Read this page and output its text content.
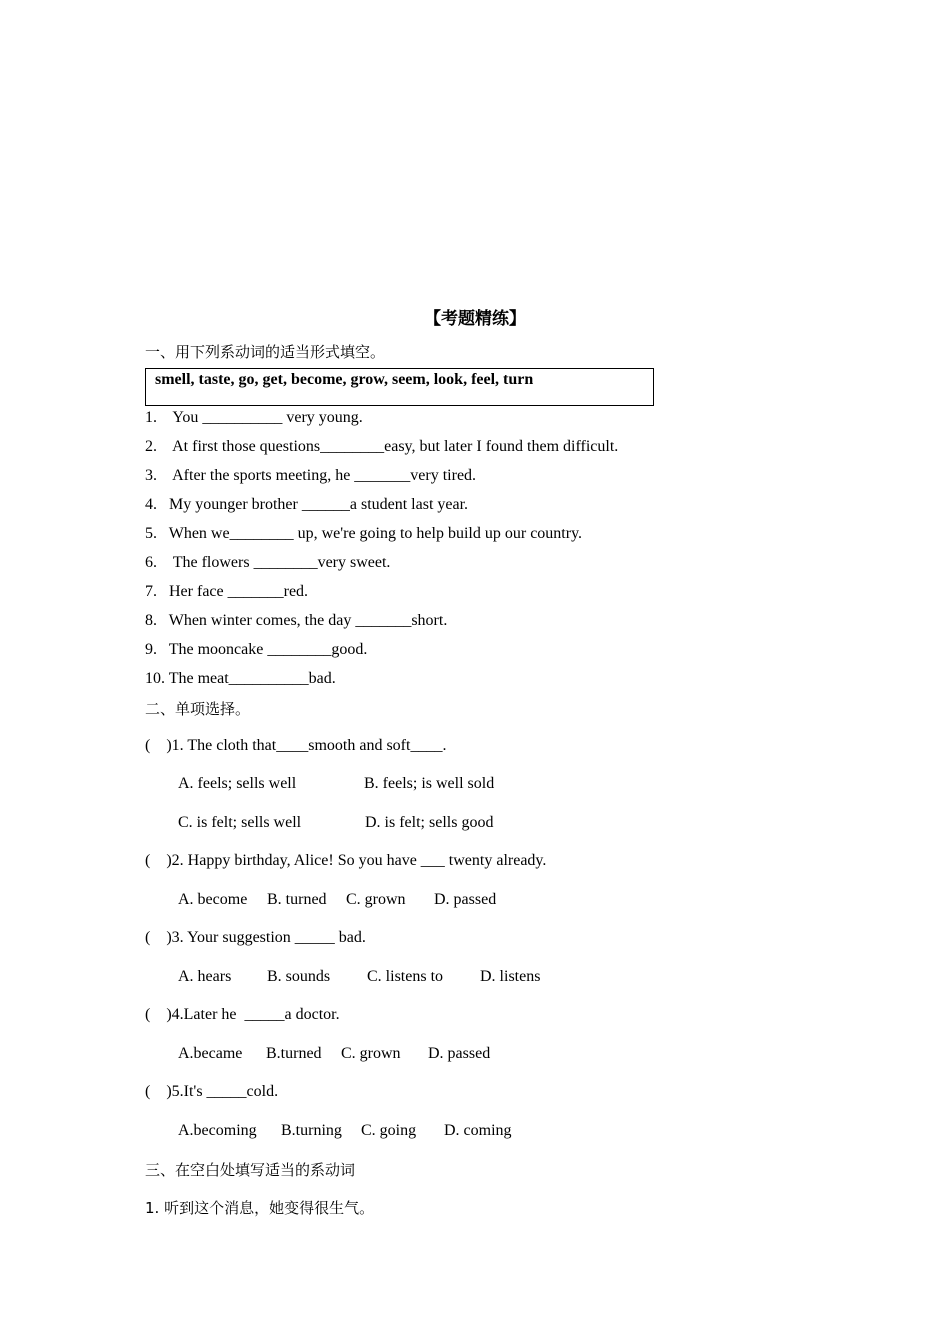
【考题精练】
一、用下列系动词的适当形式填空。
smell, taste, go, get, become, grow, seem, look, feel, turn
1.    You __________ very young.
2.    At first those questions________easy, but later I found them difficult.
3.    After the sports meeting, he _______very tired.
4.   My younger brother ______a student last year.
5.   When we________ up, we're going to help build up our country.
6.    The flowers ________very sweet.
7.   Her face _______red.
8.   When winter comes, the day _______short.
9.   The mooncake ________good.
10. The meat__________bad.
二、单项选择。
(    )1. The cloth that____smooth and soft____.
A. feels; sells well	B. feels; is well sold
C. is felt; sells well	D. is felt; sells good
(    )2. Happy birthday, Alice! So you have ___ twenty already.
A. become B. turned C. grown D. passed
(    )3. Your suggestion _____ bad.
A. hears B. sounds C. listens to D. listens
(    )4.Later he  _____a doctor.
A.became B.turned C. grown D. passed
(    )5.It's _____cold.
A.becoming B.turning C. going D. coming
三、在空白处填写适当的系动词
1. 听到这个消息，她变得很生气。
